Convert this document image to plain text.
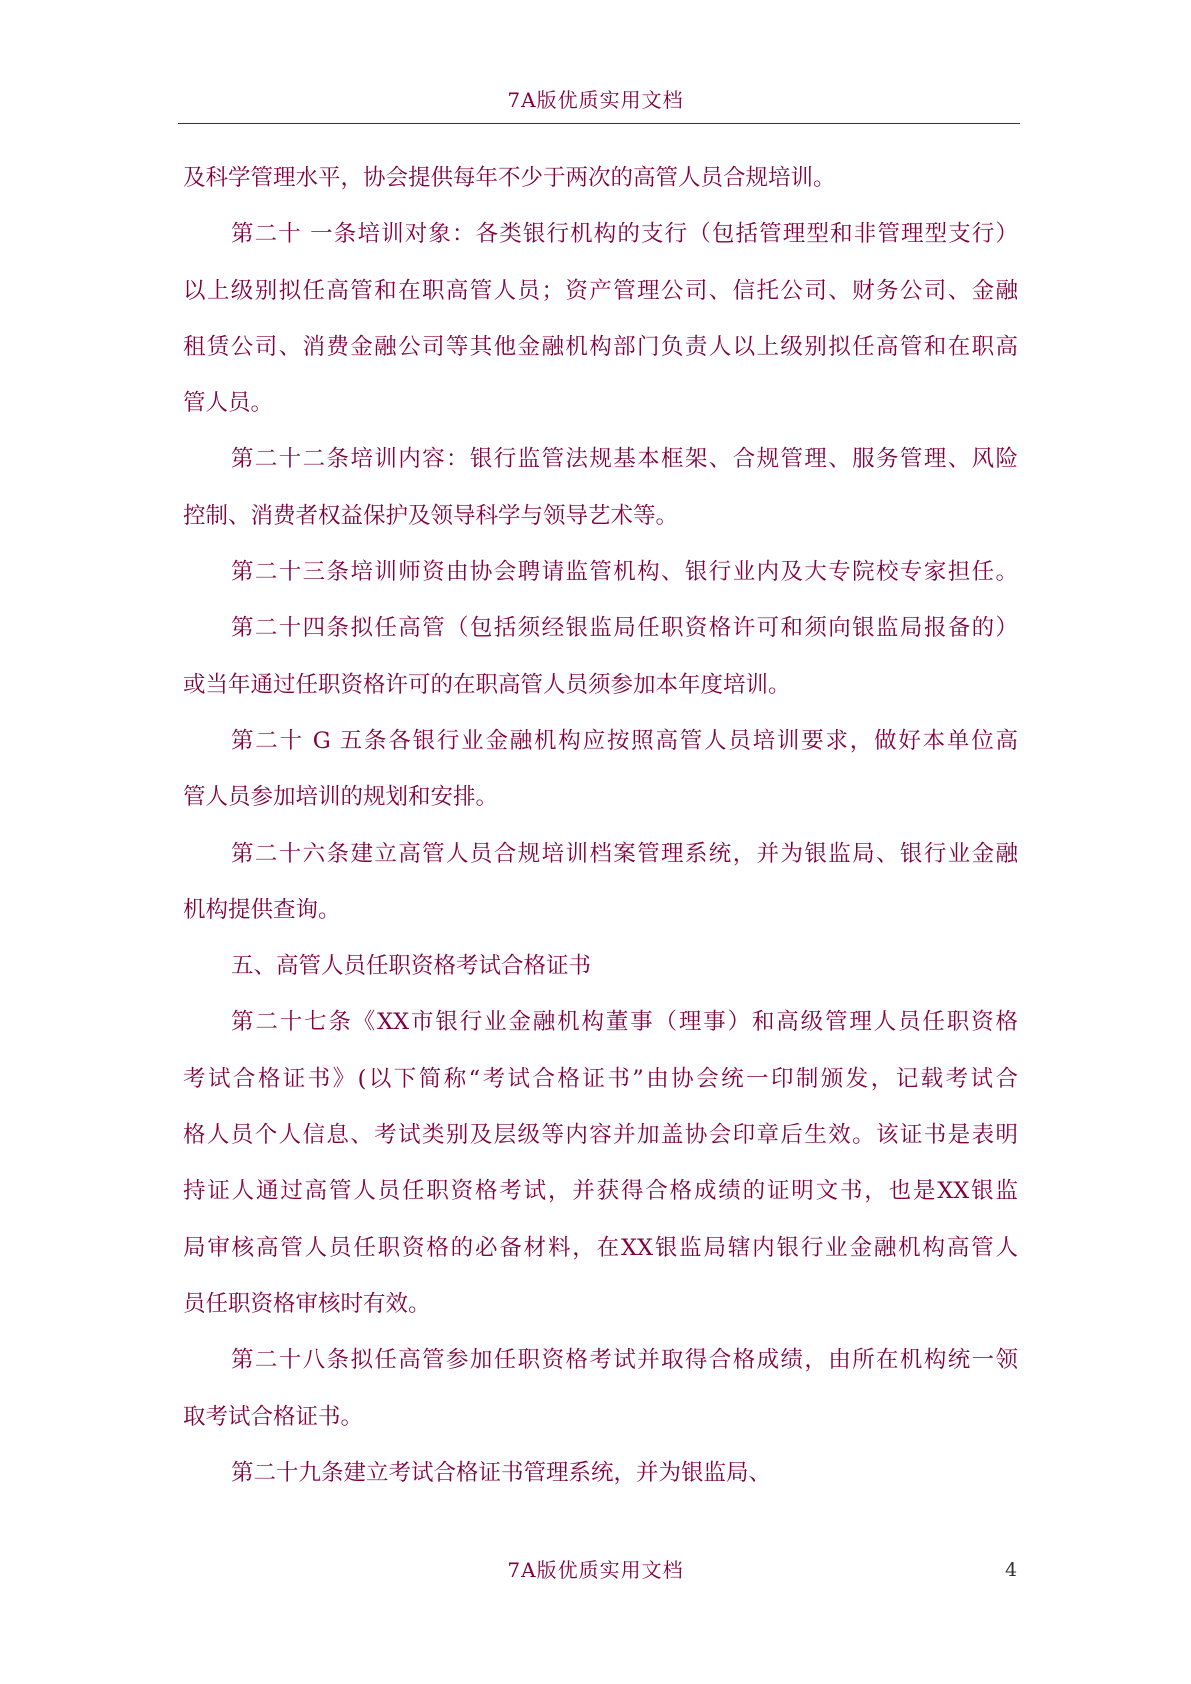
7A版优质实用文档
及科学管理水平，协会提供每年不少于两次的高管人员合规培训。
第二十 一条培训对象：各类银行机构的支行（包括管理型和非管理型支行）
以上级别拟任高管和在职高管人员；资产管理公司、信托公司、财务公司、金融
租赁公司、消费金融公司等其他金融机构部门负责人以上级别拟任高管和在职高
管人员。
第二十二条培训内容：银行监管法规基本框架、合规管理、服务管理、风险
控制、消费者权益保护及领导科学与领导艺术等。
第二十三条培训师资由协会聘请监管机构、银行业内及大专院校专家担任。
第二十四条拟任高管（包括须经银监局任职资格许可和须向银监局报备的）
或当年通过任职资格许可的在职高管人员须参加本年度培训。
第二十 G 五条各银行业金融机构应按照高管人员培训要求，做好本单位高
管人员参加培训的规划和安排。
第二十六条建立高管人员合规培训档案管理系统，并为银监局、银行业金融
机构提供查询。
五、高管人员任职资格考试合格证书
第二十七条《XX市银行业金融机构董事（理事）和高级管理人员任职资格
考试合格证书》(以下简称“考试合格证书”由协会统一印制颁发，记载考试合
格人员个人信息、考试类别及层级等内容并加盖协会印章后生效。该证书是表明
持证人通过高管人员任职资格考试，并获得合格成绩的证明文书，也是XX银监
局审核高管人员任职资格的必备材料，在XX银监局辖内银行业金融机构高管人
员任职资格审核时有效。
第二十八条拟任高管参加任职资格考试并取得合格成绩，由所在机构统一领
取考试合格证书。
第二十九条建立考试合格证书管理系统，并为银监局、
7A版优质实用文档	4
